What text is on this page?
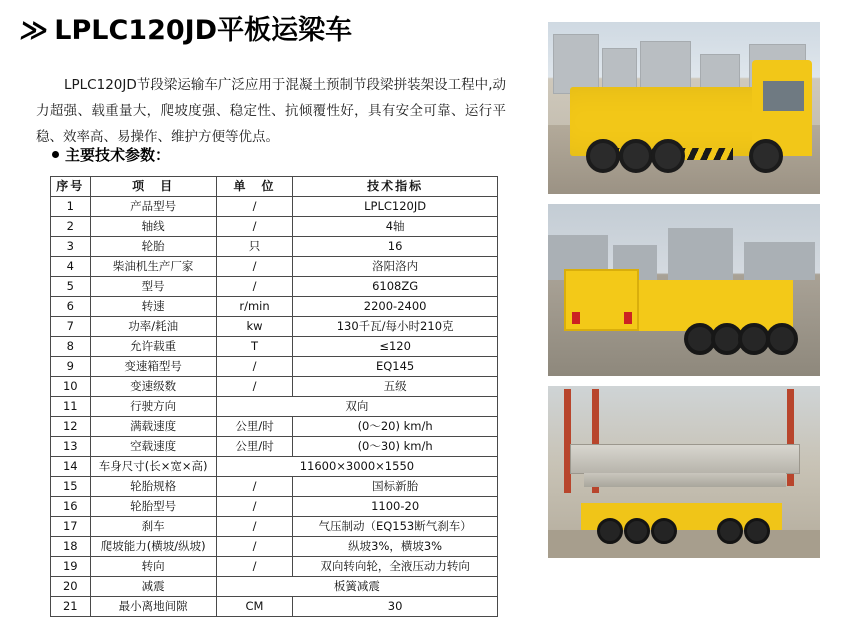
≫ LPLC120JD平板运梁车

LPLC120JD节段梁运输车广泛应用于混凝土预制节段梁拼装架设工程中,动力超强、载重量大，爬坡度强、稳定性、抗倾覆性好，具有安全可靠、运行平稳、效率高、易操作、维护方便等优点。

主要技术参数：
序号	项　目	单　位	技术指标
1	产品型号	/	LPLC120JD
2	轴线	/	4轴
3	轮胎	只	16
4	柴油机生产厂家	/	洛阳洛内
5	型号	/	6108ZG
6	转速	r/min	2200-2400
7	功率/耗油	kw	130千瓦/每小时210克
8	允许载重	T	≤120
9	变速箱型号	/	EQ145
10	变速级数	/	五级
11	行驶方向	双向	
12	满载速度	公里/时	(0～20) km/h
13	空载速度	公里/时	(0～30) km/h
14	车身尺寸(长×宽×高)	11600×3000×1550	
15	轮胎规格	/	国标新胎
16	轮胎型号	/	1100-20
17	刹车	/	气压制动（EQ153断气刹车）
18	爬坡能力(横坡/纵坡)	/	纵坡3%，横坡3%
19	转向	/	双向转向轮，全液压动力转向
20	减震	板簧减震	
21	最小离地间隙	CM	30
